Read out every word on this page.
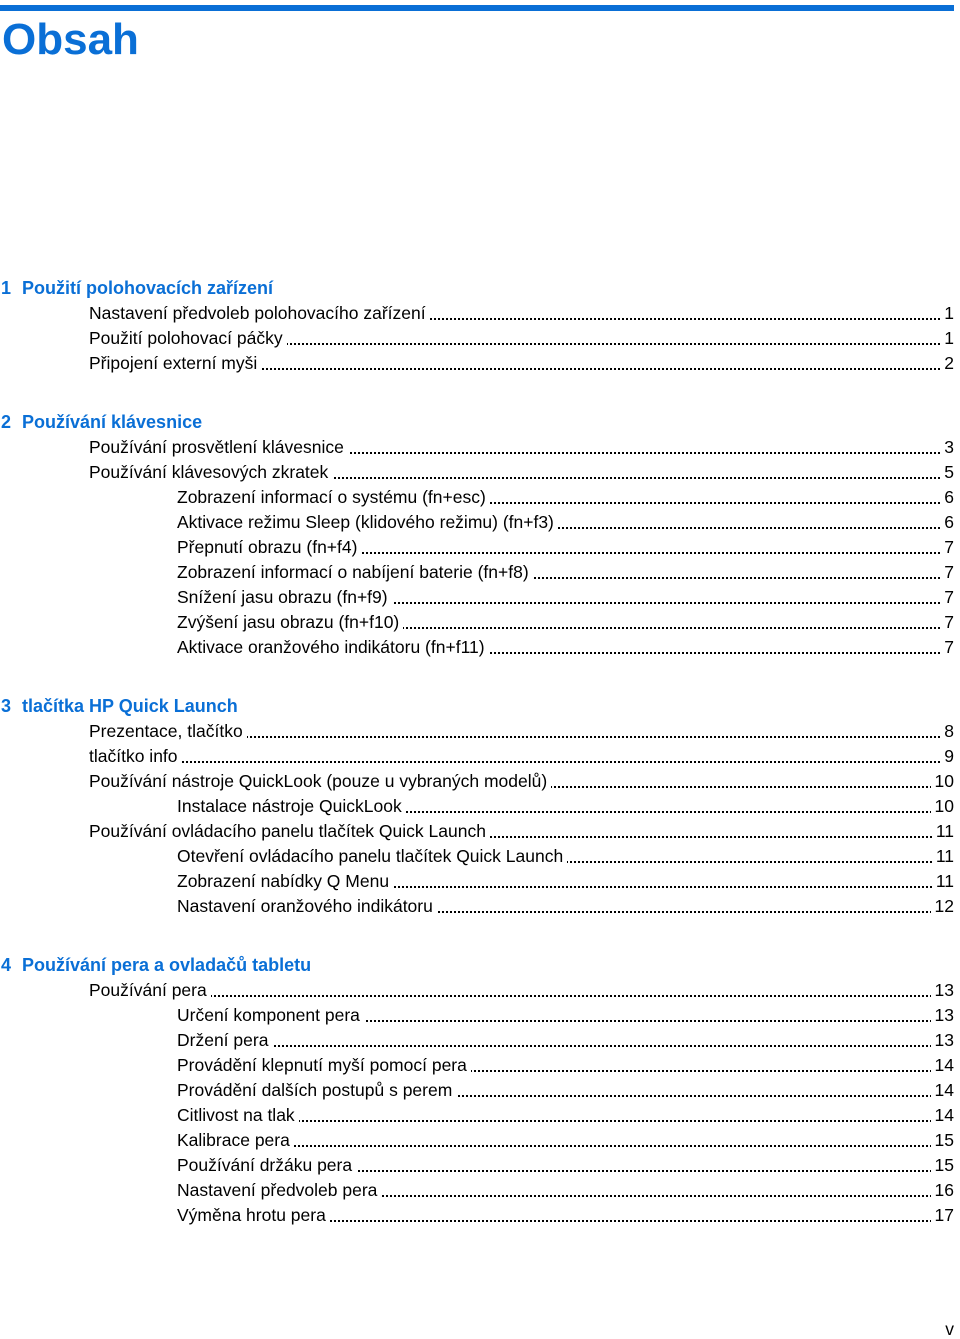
Obsah
1 Použití polohovacích zařízení
Nastavení předvoleb polohovacího zařízení	1
Použití polohovací páčky	1
Připojení externí myši	2
2 Používání klávesnice
Používání prosvětlení klávesnice	3
Používání klávesových zkratek	5
Zobrazení informací o systému (fn+esc)	6
Aktivace režimu Sleep (klidového režimu) (fn+f3)	6
Přepnutí obrazu (fn+f4)	7
Zobrazení informací o nabíjení baterie (fn+f8)	7
Snížení jasu obrazu (fn+f9)	7
Zvýšení jasu obrazu (fn+f10)	7
Aktivace oranžového indikátoru (fn+f11)	7
3 tlačítka HP Quick Launch
Prezentace, tlačítko	8
tlačítko info	9
Používání nástroje QuickLook (pouze u vybraných modelů)	10
Instalace nástroje QuickLook	10
Používání ovládacího panelu tlačítek Quick Launch	11
Otevření ovládacího panelu tlačítek Quick Launch	11
Zobrazení nabídky Q Menu	11
Nastavení oranžového indikátoru	12
4 Používání pera a ovladačů tabletu
Používání pera	13
Určení komponent pera	13
Držení pera	13
Provádění klepnutí myší pomocí pera	14
Provádění dalších postupů s perem	14
Citlivost na tlak	14
Kalibrace pera	15
Používání držáku pera	15
Nastavení předvoleb pera	16
Výměna hrotu pera	17
v
